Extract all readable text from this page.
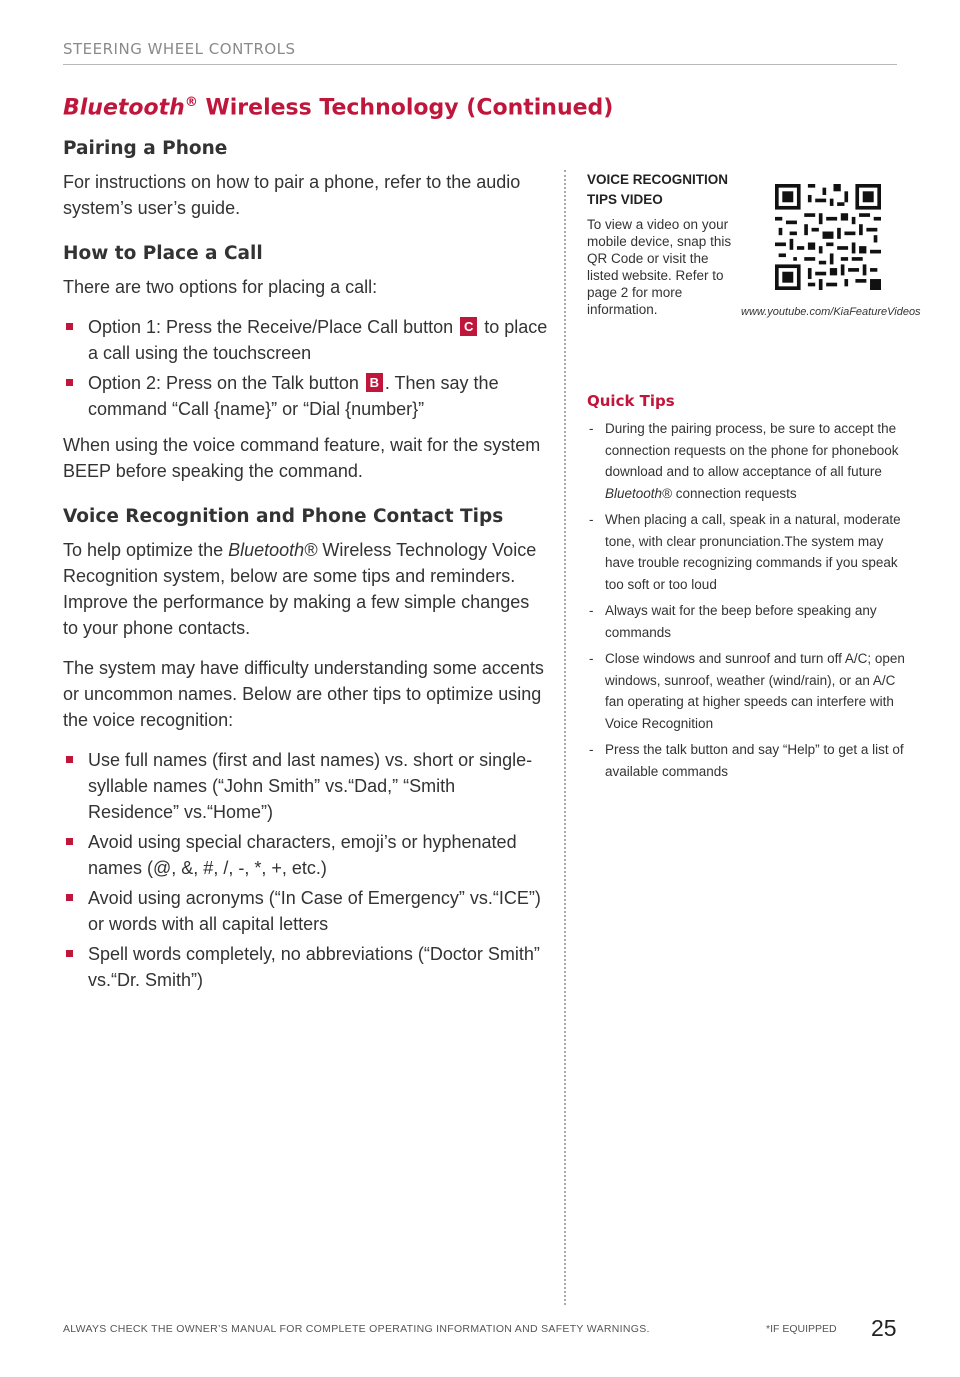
STEERING WHEEL CONTROLS
Bluetooth® Wireless Technology (Continued)
Pairing a Phone

For instructions on how to pair a phone, refer to the audio system’s user’s guide.

How to Place a Call

There are two options for placing a call:

Option 1: Press the Receive/Place Call button C to place a call using the touchscreen
Option 2: Press on the Talk button B . Then say the command “Call {name}” or “Dial {number}”

When using the voice command feature, wait for the system BEEP before speaking the command.

Voice Recognition and Phone Contact Tips

To help optimize the Bluetooth® Wireless Technology Voice Recognition system, below are some tips and reminders. Improve the performance by making a few simple changes to your phone contacts.

The system may have difficulty understanding some accents or uncommon names. Below are other tips to optimize using the voice recognition:

Use full names (first and last names) vs. short or single-syllable names (“John Smith” vs.“Dad,” “Smith Residence” vs.“Home”)
Avoid using special characters, emoji’s or hyphenated names (@, &, #, /, -, *, +, etc.)
Avoid using acronyms (“In Case of Emergency” vs.“ICE”) or words with all capital letters
Spell words completely, no abbreviations (“Doctor Smith” vs.“Dr. Smith”)
VOICE RECOGNITION TIPS VIDEO

To view a video on your mobile device, snap this QR Code or visit the listed website. Refer to page 2 for more information.	www.youtube.com/KiaFeatureVideos
Quick Tips
- During the pairing process, be sure to accept the connection requests on the phone for phonebook download and to allow acceptance of all future Bluetooth® connection requests
- When placing a call, speak in a natural, moderate tone, with clear pronunciation.The system may have trouble recognizing commands if you speak too soft or too loud
- Always wait for the beep before speaking any commands
- Close windows and sunroof and turn off A/C; open windows, sunroof, weather (wind/rain), or an A/C fan operating at higher speeds can interfere with Voice Recognition
- Press the talk button and say “Help” to get a list of available commands
ALWAYS CHECK THE OWNER’S MANUAL FOR COMPLETE OPERATING INFORMATION AND SAFETY WARNINGS.	*IF EQUIPPED 25
